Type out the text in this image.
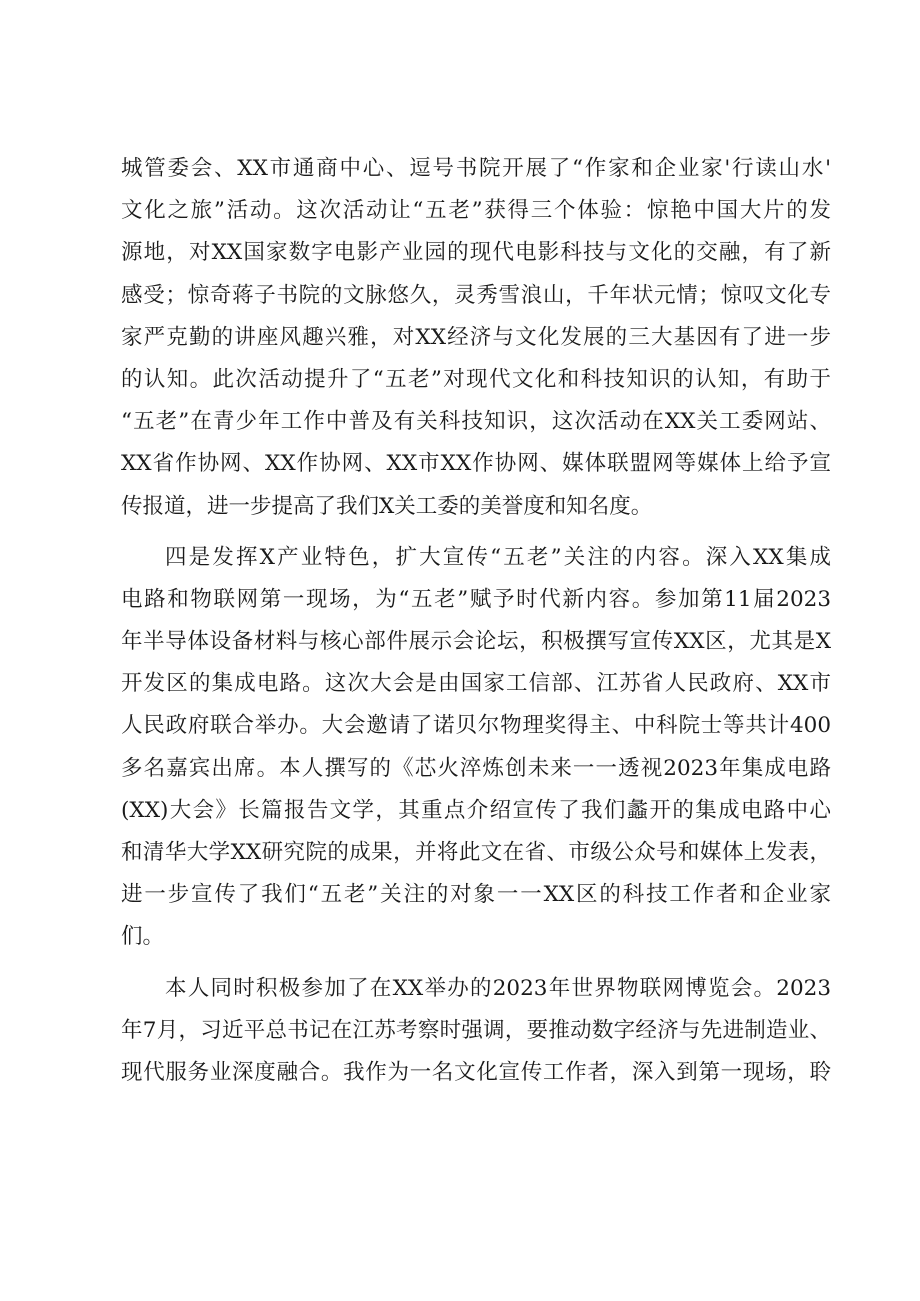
城管委会、XX市通商中心、逗号书院开展了“作家和企业家'行读山水'
文化之旅”活动。这次活动让“五老”获得三个体验：惊艳中国大片的发
源地，对XX国家数字电影产业园的现代电影科技与文化的交融，有了新
感受；惊奇蒋子书院的文脉悠久，灵秀雪浪山，千年状元情；惊叹文化专
家严克勤的讲座风趣兴雅，对XX经济与文化发展的三大基因有了进一步
的认知。此次活动提升了“五老”对现代文化和科技知识的认知，有助于
“五老”在青少年工作中普及有关科技知识，这次活动在XX关工委网站、
XX省作协网、XX作协网、XX市XX作协网、媒体联盟网等媒体上给予宣
传报道，进一步提高了我们X关工委的美誉度和知名度。
四是发挥X产业特色，扩大宣传“五老”关注的内容。深入XX集成
电路和物联网第一现场，为“五老”赋予时代新内容。参加第11届2023
年半导体设备材料与核心部件展示会论坛，积极撰写宣传XX区，尤其是X
开发区的集成电路。这次大会是由国家工信部、江苏省人民政府、XX市
人民政府联合举办。大会邀请了诺贝尔物理奖得主、中科院士等共计400
多名嘉宾出席。本人撰写的《芯火淬炼创未来一一透视2023年集成电路
(XX)大会》长篇报告文学，其重点介绍宣传了我们蠡开的集成电路中心
和清华大学XX研究院的成果，并将此文在省、市级公众号和媒体上发表，
进一步宣传了我们“五老”关注的对象一一XX区的科技工作者和企业家
们。
本人同时积极参加了在XX举办的2023年世界物联网博览会。2023
年7月，习近平总书记在江苏考察时强调，要推动数字经济与先进制造业、
现代服务业深度融合。我作为一名文化宣传工作者，深入到第一现场，聆
